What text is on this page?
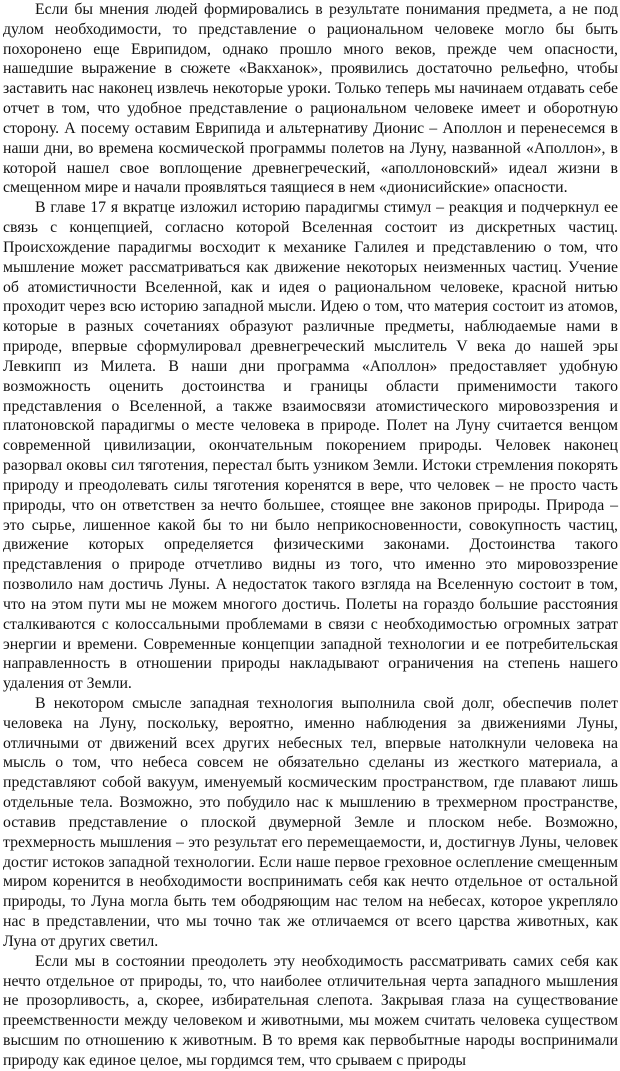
Если бы мнения людей формировались в результате понимания предмета, а не под дулом необходимости, то представление о рациональном человеке могло бы быть похоронено еще Еврипидом, однако прошло много веков, прежде чем опасности, нашедшие выражение в сюжете «Вакханок», проявились достаточно рельефно, чтобы заставить нас наконец извлечь некоторые уроки. Только теперь мы начинаем отдавать себе отчет в том, что удобное представление о рациональном человеке имеет и оборотную сторону. А посему оставим Еврипида и альтернативу Дионис – Аполлон и перенесемся в наши дни, во времена космической программы полетов на Луну, названной «Аполлон», в которой нашел свое воплощение древнегреческий, «аполлоновский» идеал жизни в смещенном мире и начали проявляться таящиеся в нем «дионисийские» опасности.

В главе 17 я вкратце изложил историю парадигмы стимул – реакция и подчеркнул ее связь с концепцией, согласно которой Вселенная состоит из дискретных частиц. Происхождение парадигмы восходит к механике Галилея и представлению о том, что мышление может рассматриваться как движение некоторых неизменных частиц. Учение об атомистичности Вселенной, как и идея о рациональном человеке, красной нитью проходит через всю историю западной мысли. Идею о том, что материя состоит из атомов, которые в разных сочетаниях образуют различные предметы, наблюдаемые нами в природе, впервые сформулировал древнегреческий мыслитель V века до нашей эры Левкипп из Милета. В наши дни программа «Аполлон» предоставляет удобную возможность оценить достоинства и границы области применимости такого представления о Вселенной, а также взаимосвязи атомистического мировоззрения и платоновской парадигмы о месте человека в природе. Полет на Луну считается венцом современной цивилизации, окончательным покорением природы. Человек наконец разорвал оковы сил тяготения, перестал быть узником Земли. Истоки стремления покорять природу и преодолевать силы тяготения коренятся в вере, что человек – не просто часть природы, что он ответствен за нечто большее, стоящее вне законов природы. Природа – это сырье, лишенное какой бы то ни было неприкосновенности, совокупность частиц, движение которых определяется физическими законами. Достоинства такого представления о природе отчетливо видны из того, что именно это мировоззрение позволило нам достичь Луны. А недостаток такого взгляда на Вселенную состоит в том, что на этом пути мы не можем многого достичь. Полеты на гораздо большие расстояния сталкиваются с колоссальными проблемами в связи с необходимостью огромных затрат энергии и времени. Современные концепции западной технологии и ее потребительская направленность в отношении природы накладывают ограничения на степень нашего удаления от Земли.

В некотором смысле западная технология выполнила свой долг, обеспечив полет человека на Луну, поскольку, вероятно, именно наблюдения за движениями Луны, отличными от движений всех других небесных тел, впервые натолкнули человека на мысль о том, что небеса совсем не обязательно сделаны из жесткого материала, а представляют собой вакуум, именуемый космическим пространством, где плавают лишь отдельные тела. Возможно, это побудило нас к мышлению в трехмерном пространстве, оставив представление о плоской двумерной Земле и плоском небе. Возможно, трехмерность мышления – это результат его перемещаемости, и, достигнув Луны, человек достиг истоков западной технологии. Если наше первое греховное ослепление смещенным миром коренится в необходимости воспринимать себя как нечто отдельное от остальной природы, то Луна могла быть тем ободряющим нас телом на небесах, которое укрепляло нас в представлении, что мы точно так же отличаемся от всего царства животных, как Луна от других светил.

Если мы в состоянии преодолеть эту необходимость рассматривать самих себя как нечто отдельное от природы, то, что наиболее отличительная черта западного мышления не прозорливость, а, скорее, избирательная слепота. Закрывая глаза на существование преемственности между человеком и животными, мы можем считать человека существом высшим по отношению к животным. В то время как первобытные народы воспринимали природу как единое целое, мы гордимся тем, что срываем с природы
